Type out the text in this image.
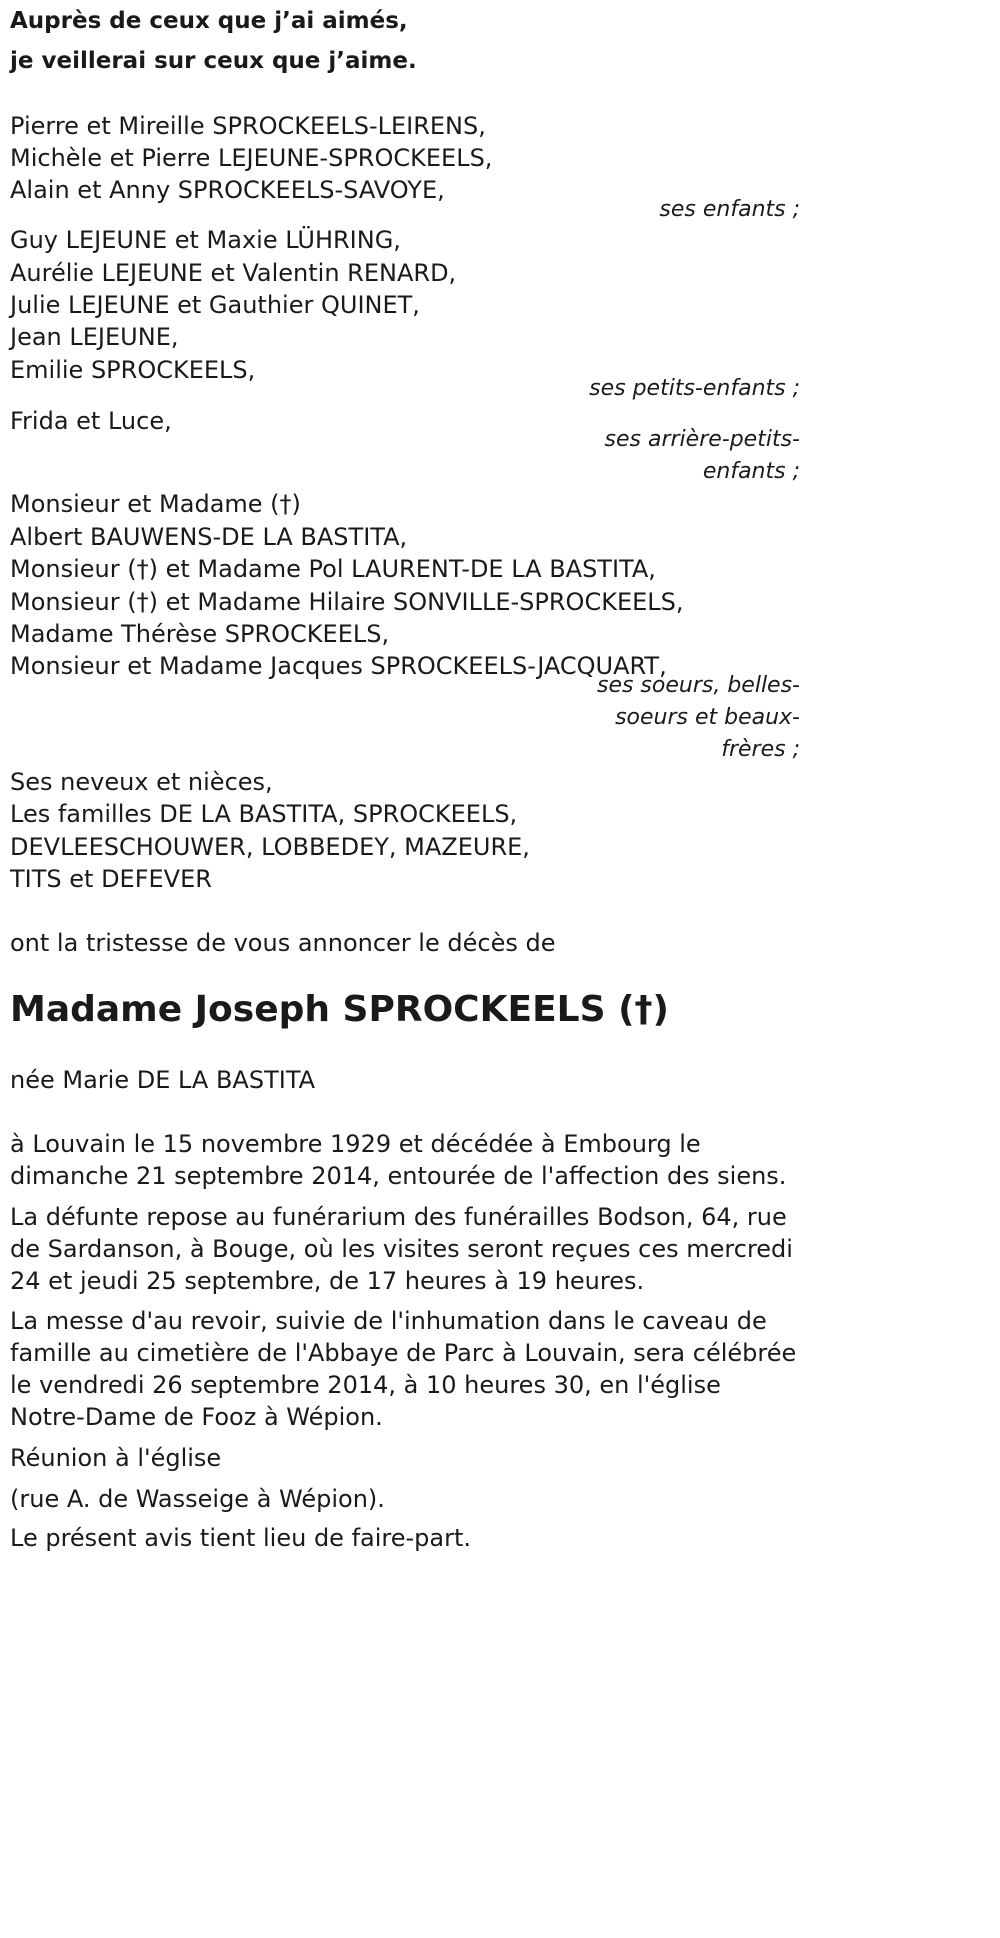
Auprès de ceux que j’ai aimés,
je veillerai sur ceux que j’aime.
Pierre et Mireille SPROCKEELS-LEIRENS,
Michèle et Pierre LEJEUNE-SPROCKEELS,
Alain et Anny SPROCKEELS-SAVOYE,
ses enfants ;
Guy LEJEUNE et Maxie LÜHRING,
Aurélie LEJEUNE et Valentin RENARD,
Julie LEJEUNE et Gauthier QUINET,
Jean LEJEUNE,
Emilie SPROCKEELS,
ses petits-enfants ;
Frida et Luce,
ses arrière-petits-
enfants ;
Monsieur et Madame (†)
Albert BAUWENS-DE LA BASTITA,
Monsieur (†) et Madame Pol LAURENT-DE LA BASTITA,
Monsieur (†) et Madame Hilaire SONVILLE-SPROCKEELS,
Madame Thérèse SPROCKEELS,
Monsieur et Madame Jacques SPROCKEELS-JACQUART,
ses soeurs, belles-
soeurs et beaux-
frères ;
Ses neveux et nièces,
Les familles DE LA BASTITA, SPROCKEELS,
DEVLEESCHOUWER, LOBBEDEY, MAZEURE,
TITS et DEFEVER
ont la tristesse de vous annoncer le décès de
Madame Joseph SPROCKEELS (†)
née Marie DE LA BASTITA
à Louvain le 15 novembre 1929 et décédée à Embourg le dimanche 21 septembre 2014, entourée de l'affection des siens.
La défunte repose au funérarium des funérailles Bodson, 64, rue de Sardanson, à Bouge, où les visites seront reçues ces mercredi 24 et jeudi 25 septembre, de 17 heures à 19 heures.
La messe d'au revoir, suivie de l'inhumation dans le caveau de famille au cimetière de l'Abbaye de Parc à Louvain, sera célébrée le vendredi 26 septembre 2014, à 10 heures 30, en l'église Notre-Dame de Fooz à Wépion.
Réunion à l'église
(rue A. de Wasseige à Wépion).
Le présent avis tient lieu de faire-part.
